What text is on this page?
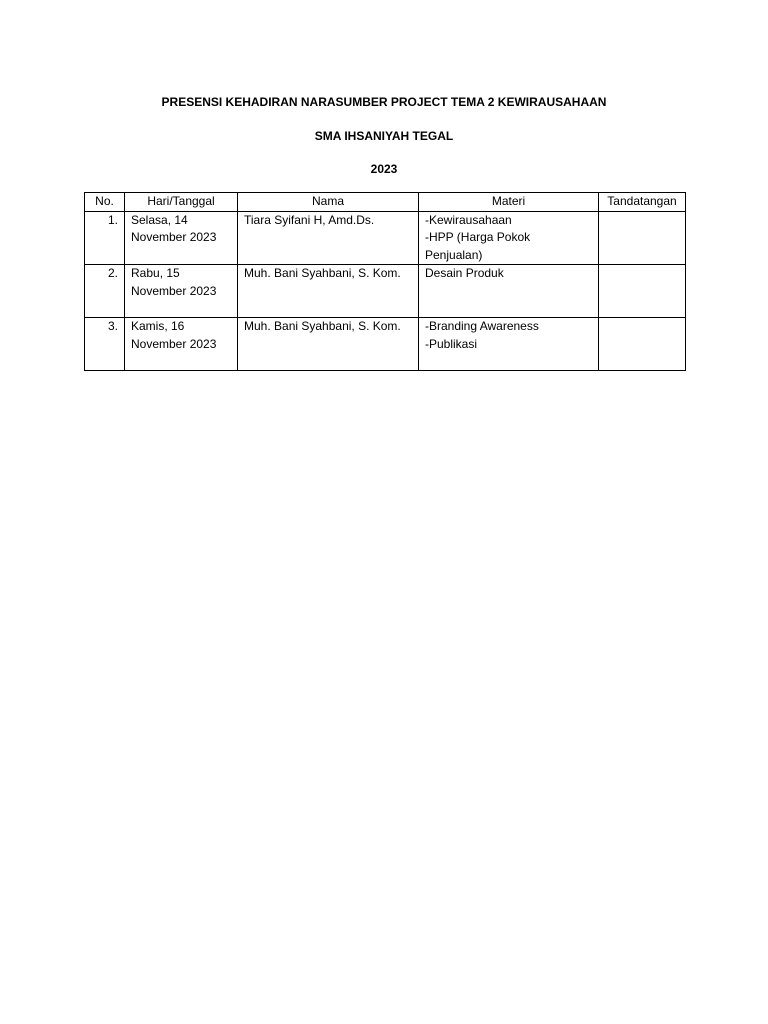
PRESENSI KEHADIRAN NARASUMBER PROJECT TEMA 2 KEWIRAUSAHAAN
SMA IHSANIYAH TEGAL
2023
No.	Hari/Tanggal	Nama	Materi	Tandatangan
1.	Selasa, 14
November 2023	Tiara Syifani H, Amd.Ds.	-Kewirausahaan
-HPP (Harga Pokok
Penjualan)	

2.	Rabu, 15
November 2023	Muh. Bani Syahbani, S. Kom.	Desain Produk	

3.	Kamis, 16
November 2023	Muh. Bani Syahbani, S. Kom.	-Branding Awareness
-Publikasi	
